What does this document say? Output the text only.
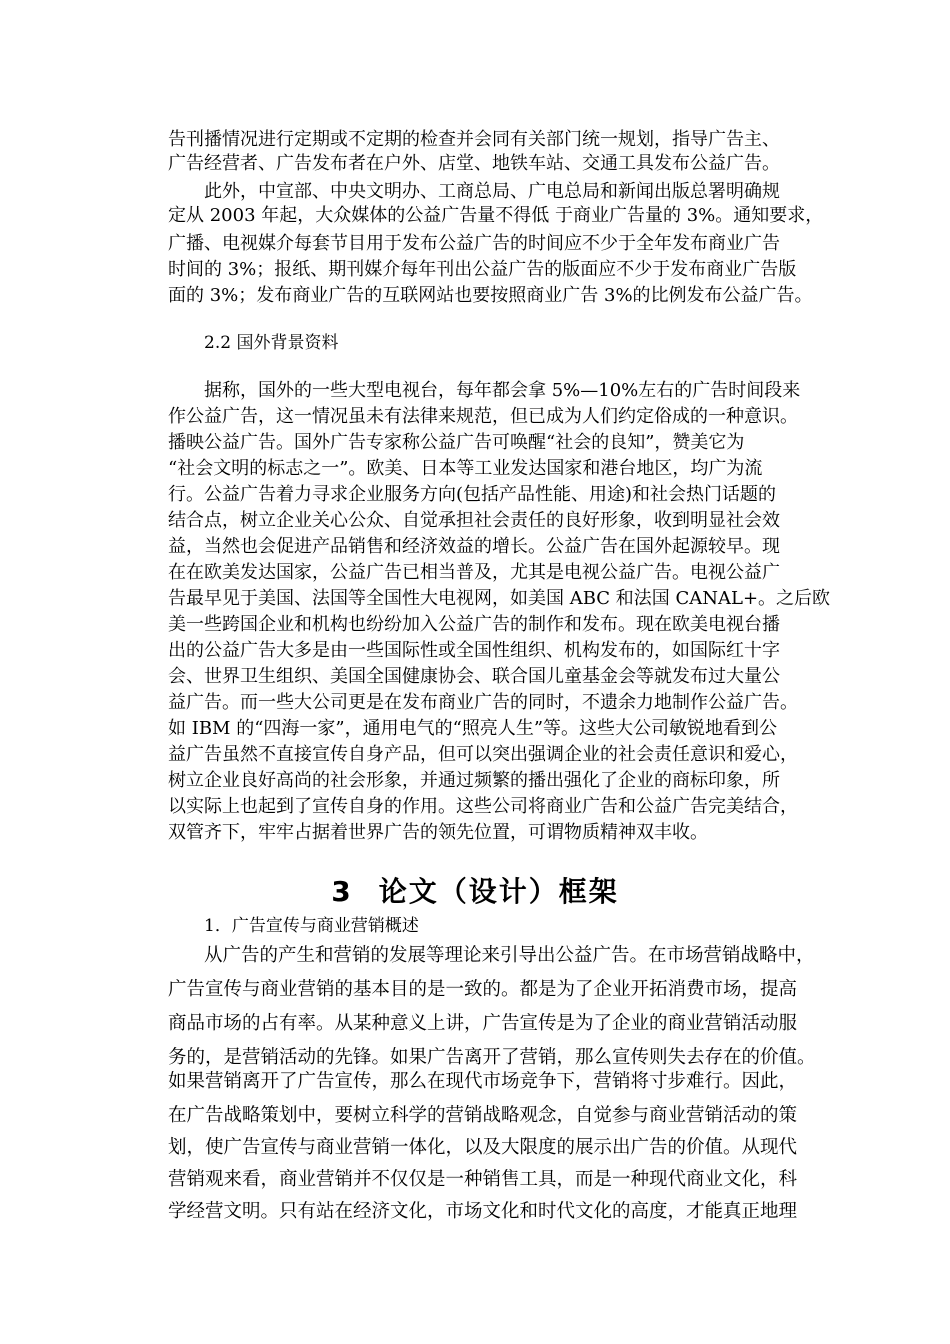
告刊播情况进行定期或不定期的检查并会同有关部门统一规划，指导广告主、
广告经营者、广告发布者在户外、店堂、地铁车站、交通工具发布公益广告。
此外，中宣部、中央文明办、工商总局、广电总局和新闻出版总署明确规
定从 2003 年起，大众媒体的公益广告量不得低 于商业广告量的 3%。通知要求，
广播、电视媒介每套节目用于发布公益广告的时间应不少于全年发布商业广告
时间的 3%；报纸、期刊媒介每年刊出公益广告的版面应不少于发布商业广告版
面的 3%；发布商业广告的互联网站也要按照商业广告 3%的比例发布公益广告。
2.2 国外背景资料
据称，国外的一些大型电视台，每年都会拿 5%—10%左右的广告时间段来
作公益广告，这一情况虽未有法律来规范，但已成为人们约定俗成的一种意识。
播映公益广告。国外广告专家称公益广告可唤醒“社会的良知”，赞美它为
“社会文明的标志之一”。欧美、日本等工业发达国家和港台地区，均广为流
行。公益广告着力寻求企业服务方向(包括产品性能、用途)和社会热门话题的
结合点，树立企业关心公众、自觉承担社会责任的良好形象，收到明显社会效
益，当然也会促进产品销售和经济效益的增长。公益广告在国外起源较早。现
在在欧美发达国家，公益广告已相当普及，尤其是电视公益广告。电视公益广
告最早见于美国、法国等全国性大电视网，如美国 ABC 和法国 CANAL+。之后欧
美一些跨国企业和机构也纷纷加入公益广告的制作和发布。现在欧美电视台播
出的公益广告大多是由一些国际性或全国性组织、机构发布的，如国际红十字
会、世界卫生组织、美国全国健康协会、联合国儿童基金会等就发布过大量公
益广告。而一些大公司更是在发布商业广告的同时，不遗余力地制作公益广告。
如 IBM 的“四海一家”，通用电气的“照亮人生”等。这些大公司敏锐地看到公
益广告虽然不直接宣传自身产品，但可以突出强调企业的社会责任意识和爱心，
树立企业良好高尚的社会形象，并通过频繁的播出强化了企业的商标印象，所
以实际上也起到了宣传自身的作用。这些公司将商业广告和公益广告完美结合，
双管齐下，牢牢占据着世界广告的领先位置，可谓物质精神双丰收。
3 论文（设计）框架
1．广告宣传与商业营销概述
从广告的产生和营销的发展等理论来引导出公益广告。在市场营销战略中，
广告宣传与商业营销的基本目的是一致的。都是为了企业开拓消费市场，提高
商品市场的占有率。从某种意义上讲，广告宣传是为了企业的商业营销活动服
务的，是营销活动的先锋。如果广告离开了营销，那么宣传则失去存在的价值。
如果营销离开了广告宣传，那么在现代市场竞争下，营销将寸步难行。因此，
在广告战略策划中，要树立科学的营销战略观念，自觉参与商业营销活动的策
划，使广告宣传与商业营销一体化，以及大限度的展示出广告的价值。从现代
营销观来看，商业营销并不仅仅是一种销售工具，而是一种现代商业文化，科
学经营文明。只有站在经济文化，市场文化和时代文化的高度，才能真正地理
